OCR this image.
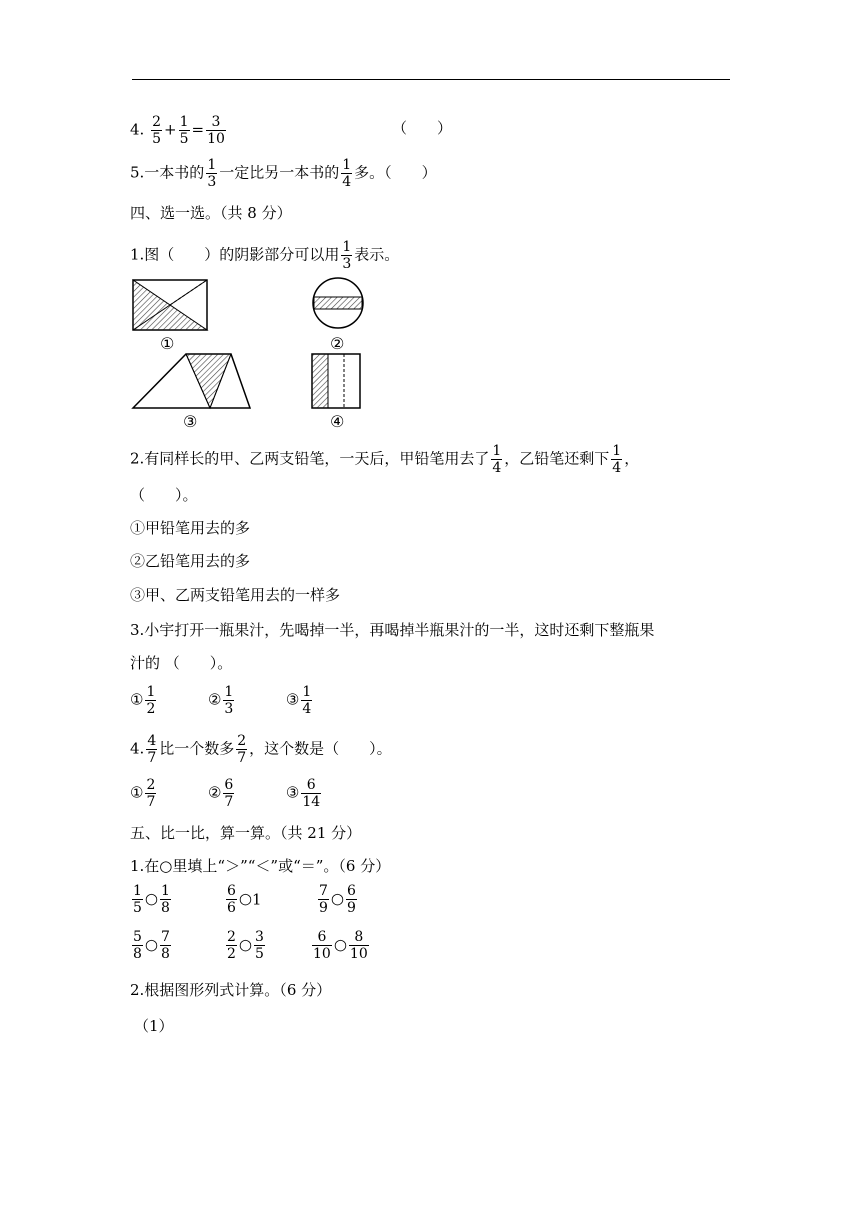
4. $\frac{2}{5} + \frac{1}{5} = \frac{3}{10}$	（　　）
5.一本书的 $\frac{1}{3}$ 一定比另一本书的 $\frac{1}{4}$ 多。（　　）
四、选一选。（共 8 分）
1.图（　　）的阴影部分可以用 $\frac{1}{3}$ 表示。
①	②
③	④
2.有同样长的甲、乙两支铅笔，一天后，甲铅笔用去了 $\frac{1}{4}$ ，乙铅笔还剩下 $\frac{1}{4}$ ，
（　　）。
①甲铅笔用去的多
②乙铅笔用去的多
③甲、乙两支铅笔用去的一样多
3.小宇打开一瓶果汁，先喝掉一半，再喝掉半瓶果汁的一半，这时还剩下整瓶果
汁的 （　　）。
① $\frac{1}{2}$	② $\frac{1}{3}$	③ $\frac{1}{4}$
4. $\frac{4}{7}$ 比一个数多 $\frac{2}{7}$ ，这个数是（　　）。
① $\frac{2}{7}$	② $\frac{6}{7}$	③ $\frac{6}{14}$
五、比一比，算一算。（共 21 分）
1.在○里填上“＞”“＜”或“＝”。（6 分）
$\frac{1}{5}$ ○ $\frac{1}{8}$	$\frac{6}{6}$ ○1	$\frac{7}{9}$ ○ $\frac{6}{9}$
$\frac{5}{8}$ ○ $\frac{7}{8}$	$\frac{2}{2}$ ○ $\frac{3}{5}$	$\frac{6}{10}$ ○ $\frac{8}{10}$
2.根据图形列式计算。（6 分）
（1）
